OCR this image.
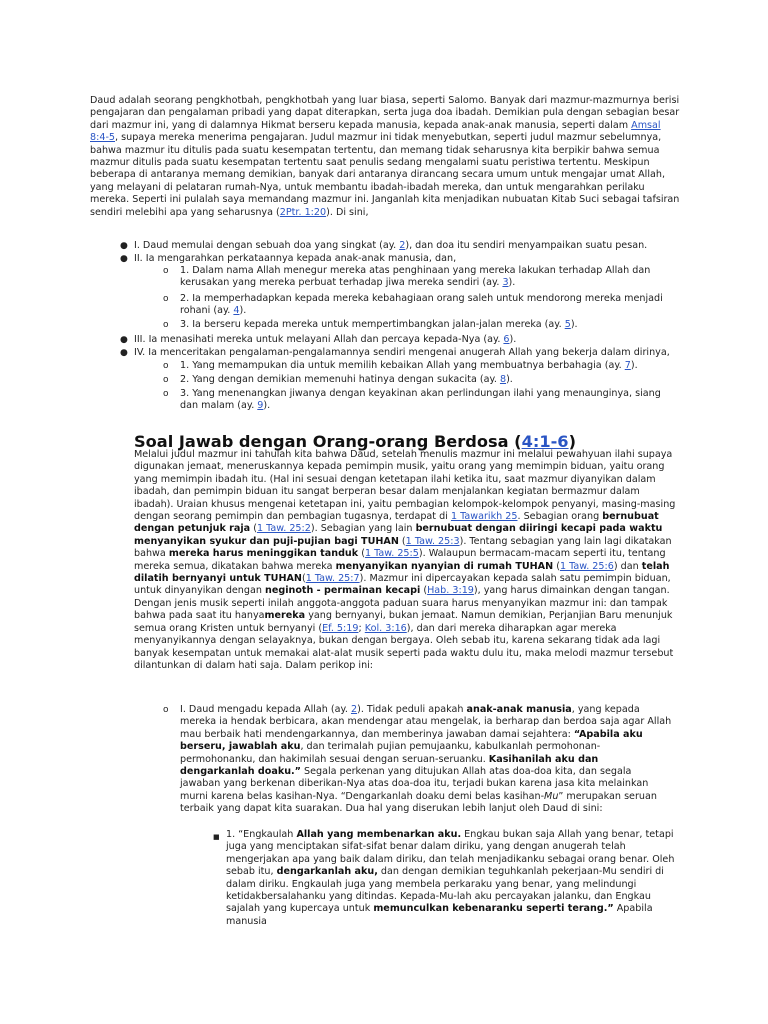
Daud adalah seorang pengkhotbah, pengkhotbah yang luar biasa, seperti Salomo. Banyak dari mazmur-mazmurnya berisi pengajaran dan pengalaman pribadi yang dapat diterapkan, serta juga doa ibadah. Demikian pula dengan sebagian besar dari mazmur ini, yang di dalamnya Hikmat berseru kepada manusia, kepada anak-anak manusia, seperti dalam Amsal 8:4-5, supaya mereka menerima pengajaran. Judul mazmur ini tidak menyebutkan, seperti judul mazmur sebelumnya, bahwa mazmur itu ditulis pada suatu kesempatan tertentu, dan memang tidak seharusnya kita berpikir bahwa semua mazmur ditulis pada suatu kesempatan tertentu saat penulis sedang mengalami suatu peristiwa tertentu. Meskipun beberapa di antaranya memang demikian, banyak dari antaranya dirancang secara umum untuk mengajar umat Allah, yang melayani di pelataran rumah-Nya, untuk membantu ibadah-ibadah mereka, dan untuk mengarahkan perilaku mereka. Seperti ini pulalah saya memandang mazmur ini. Janganlah kita menjadikan nubuatan Kitab Suci sebagai tafsiran sendiri melebihi apa yang seharusnya (2Ptr. 1:20). Di sini,

● I. Daud memulai dengan sebuah doa yang singkat (ay. 2), dan doa itu sendiri menyampaikan suatu pesan.

● II. Ia mengarahkan perkataannya kepada anak-anak manusia, dan,

o 1. Dalam nama Allah menegur mereka atas penghinaan yang mereka lakukan terhadap Allah dan kerusakan yang mereka perbuat terhadap jiwa mereka sendiri (ay. 3).

o 2. Ia memperhadapkan kepada mereka kebahagiaan orang saleh untuk mendorong mereka menjadi rohani (ay. 4).

o 3. Ia berseru kepada mereka untuk mempertimbangkan jalan-jalan mereka (ay. 5).

● III. Ia menasihati mereka untuk melayani Allah dan percaya kepada-Nya (ay. 6).

● IV. Ia menceritakan pengalaman-pengalamannya sendiri mengenai anugerah Allah yang bekerja dalam dirinya,

o 1. Yang memampukan dia untuk memilih kebaikan Allah yang membuatnya berbahagia (ay. 7).

o 2. Yang dengan demikian memenuhi hatinya dengan sukacita (ay. 8).

o 3. Yang menenangkan jiwanya dengan keyakinan akan perlindungan ilahi yang menaunginya, siang dan malam (ay. 9).

Soal Jawab dengan Orang-orang Berdosa (4:1-6)

Melalui judul mazmur ini tahulah kita bahwa Daud, setelah menulis mazmur ini melalui pewahyuan ilahi supaya digunakan jemaat, meneruskannya kepada pemimpin musik, yaitu orang yang memimpin biduan, yaitu orang yang memimpin ibadah itu. (Hal ini sesuai dengan ketetapan ilahi ketika itu, saat mazmur diyanyikan dalam ibadah, dan pemimpin biduan itu sangat berperan besar dalam menjalankan kegiatan bermazmur dalam ibadah). Uraian khusus mengenai ketetapan ini, yaitu pembagian kelompok-kelompok penyanyi, masing-masing dengan seorang pemimpin dan pembagian tugasnya, terdapat di 1 Tawarikh 25. Sebagian orang bernubuat dengan petunjuk raja (1 Taw. 25:2). Sebagian yang lain bernubuat dengan diiringi kecapi pada waktu menyanyikan syukur dan puji-pujian bagi TUHAN (1 Taw. 25:3). Tentang sebagian yang lain lagi dikatakan bahwa mereka harus meninggikan tanduk (1 Taw. 25:5). Walaupun bermacam-macam seperti itu, tentang mereka semua, dikatakan bahwa mereka menyanyikan nyanyian di rumah TUHAN (1 Taw. 25:6) dan telah dilatih bernyanyi untuk TUHAN(1 Taw. 25:7). Mazmur ini dipercayakan kepada salah satu pemimpin biduan, untuk dinyanyikan dengan neginoth - permainan kecapi (Hab. 3:19), yang harus dimainkan dengan tangan. Dengan jenis musik seperti inilah anggota-anggota paduan suara harus menyanyikan mazmur ini: dan tampak bahwa pada saat itu hanyamereka yang bernyanyi, bukan jemaat. Namun demikian, Perjanjian Baru menunjuk semua orang Kristen untuk bernyanyi (Ef. 5:19; Kol. 3:16), dan dari mereka diharapkan agar mereka menyanyikannya dengan selayaknya, bukan dengan bergaya. Oleh sebab itu, karena sekarang tidak ada lagi banyak kesempatan untuk memakai alat-alat musik seperti pada waktu dulu itu, maka melodi mazmur tersebut dilantunkan di dalam hati saja. Dalam perikop ini:

o I. Daud mengadu kepada Allah (ay. 2). Tidak peduli apakah anak-anak manusia, yang kepada mereka ia hendak berbicara, akan mendengar atau mengelak, ia berharap dan berdoa saja agar Allah mau berbaik hati mendengarkannya, dan memberinya jawaban damai sejahtera: “Apabila aku berseru, jawablah aku, dan terimalah pujian pemujaanku, kabulkanlah permohonan-permohonanku, dan hakimilah sesuai dengan seruan-seruanku. Kasihanilah aku dan dengarkanlah doaku.” Segala perkenan yang ditujukan Allah atas doa-doa kita, dan segala jawaban yang berkenan diberikan-Nya atas doa-doa itu, terjadi bukan karena jasa kita melainkan murni karena belas kasihan-Nya. “Dengarkanlah doaku demi belas kasihan-Mu” merupakan seruan terbaik yang dapat kita suarakan. Dua hal yang diserukan lebih lanjut oleh Daud di sini:

■ 1. “Engkaulah Allah yang membenarkan aku. Engkau bukan saja Allah yang benar, tetapi juga yang menciptakan sifat-sifat benar dalam diriku, yang dengan anugerah telah mengerjakan apa yang baik dalam diriku, dan telah menjadikanku sebagai orang benar. Oleh sebab itu, dengarkanlah aku, dan dengan demikian teguhkanlah pekerjaan-Mu sendiri di dalam diriku. Engkaulah juga yang membela perkaraku yang benar, yang melindungi ketidakbersalahanku yang ditindas. Kepada-Mu-lah aku percayakan jalanku, dan Engkau sajalah yang kupercaya untuk memunculkan kebenaranku seperti terang.” Apabila manusia
